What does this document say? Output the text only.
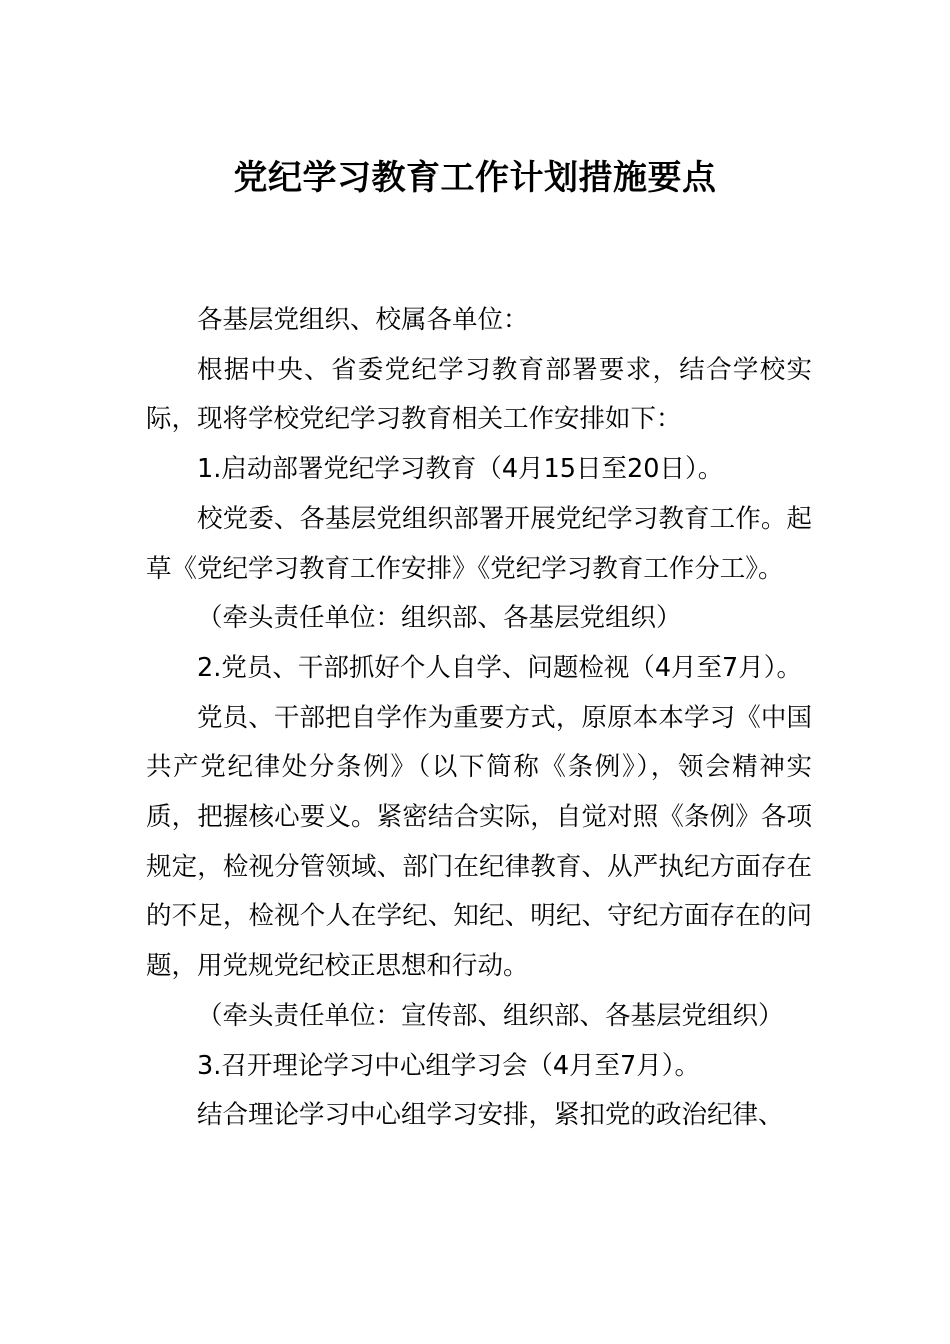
党纪学习教育工作计划措施要点

各基层党组织、校属各单位：

根据中央、省委党纪学习教育部署要求，结合学校实际，现将学校党纪学习教育相关工作安排如下：

1.启动部署党纪学习教育（4月15日至20日）。

校党委、各基层党组织部署开展党纪学习教育工作。起草《党纪学习教育工作安排》《党纪学习教育工作分工》。

（牵头责任单位：组织部、各基层党组织）

2.党员、干部抓好个人自学、问题检视（4月至7月）。

党员、干部把自学作为重要方式，原原本本学习《中国共产党纪律处分条例》（以下简称《条例》），领会精神实质，把握核心要义。紧密结合实际，自觉对照《条例》各项规定，检视分管领域、部门在纪律教育、从严执纪方面存在的不足，检视个人在学纪、知纪、明纪、守纪方面存在的问题，用党规党纪校正思想和行动。

（牵头责任单位：宣传部、组织部、各基层党组织）

3.召开理论学习中心组学习会（4月至7月）。

结合理论学习中心组学习安排，紧扣党的政治纪律、
